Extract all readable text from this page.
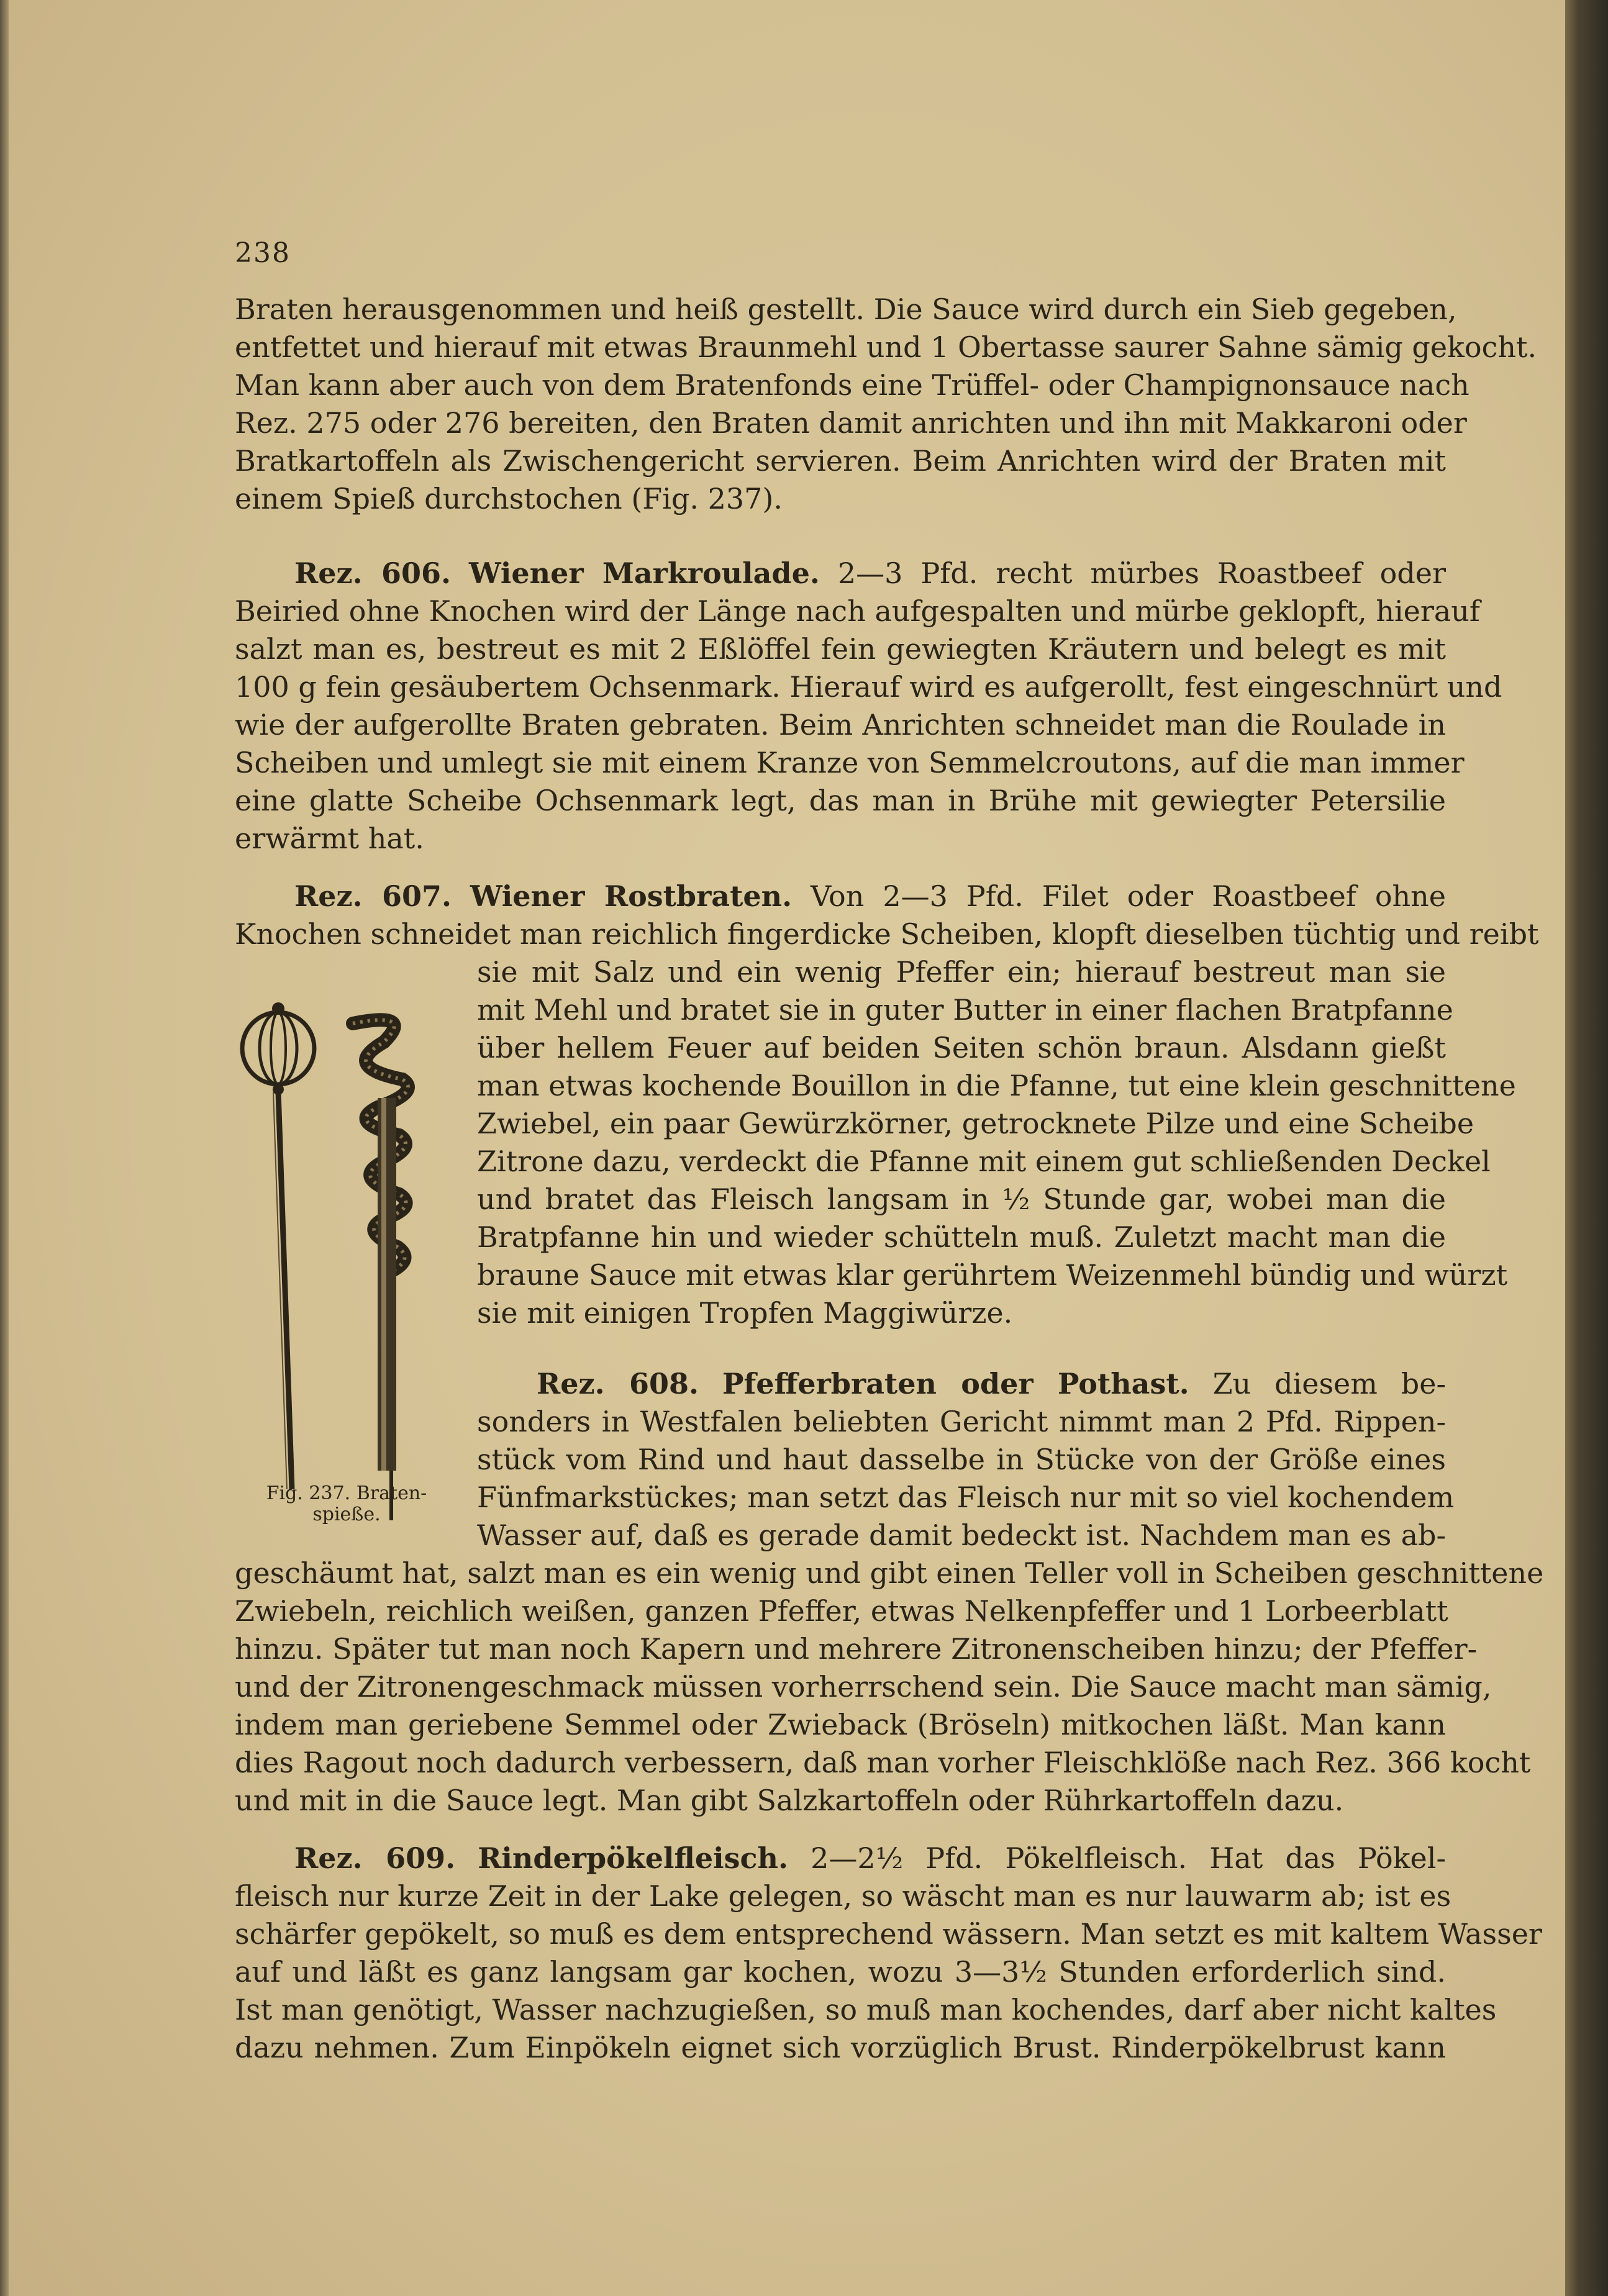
238
Braten herausgenommen und heiß gestellt. Die Sauce wird durch ein Sieb gegeben,
entfettet und hierauf mit etwas Braunmehl und 1 Obertasse saurer Sahne sämig gekocht.
Man kann aber auch von dem Bratenfonds eine Trüffel- oder Champignonsauce nach
Rez. 275 oder 276 bereiten, den Braten damit anrichten und ihn mit Makkaroni oder
Bratkartoffeln als Zwischengericht servieren. Beim Anrichten wird der Braten mit
einem Spieß durchstochen (Fig. 237).
Rez. 606. Wiener Markroulade. 2—3 Pfd. recht mürbes Roastbeef oder
Beiried ohne Knochen wird der Länge nach aufgespalten und mürbe geklopft, hierauf
salzt man es, bestreut es mit 2 Eßlöffel fein gewiegten Kräutern und belegt es mit
100 g fein gesäubertem Ochsenmark. Hierauf wird es aufgerollt, fest eingeschnürt und
wie der aufgerollte Braten gebraten. Beim Anrichten schneidet man die Roulade in
Scheiben und umlegt sie mit einem Kranze von Semmelcroutons, auf die man immer
eine glatte Scheibe Ochsenmark legt, das man in Brühe mit gewiegter Petersilie
erwärmt hat.
Rez. 607. Wiener Rostbraten. Von 2—3 Pfd. Filet oder Roastbeef ohne
Knochen schneidet man reichlich fingerdicke Scheiben, klopft dieselben tüchtig und reibt
sie mit Salz und ein wenig Pfeffer ein; hierauf bestreut man sie
mit Mehl und bratet sie in guter Butter in einer flachen Bratpfanne
über hellem Feuer auf beiden Seiten schön braun. Alsdann gießt
man etwas kochende Bouillon in die Pfanne, tut eine klein geschnittene
Zwiebel, ein paar Gewürzkörner, getrocknete Pilze und eine Scheibe
Zitrone dazu, verdeckt die Pfanne mit einem gut schließenden Deckel
und bratet das Fleisch langsam in ½ Stunde gar, wobei man die
Bratpfanne hin und wieder schütteln muß. Zuletzt macht man die
braune Sauce mit etwas klar gerührtem Weizenmehl bündig und würzt
sie mit einigen Tropfen Maggiwürze.
Rez. 608. Pfefferbraten oder Pothast. Zu diesem be-
sonders in Westfalen beliebten Gericht nimmt man 2 Pfd. Rippen-
stück vom Rind und haut dasselbe in Stücke von der Größe eines
Fünfmarkstückes; man setzt das Fleisch nur mit so viel kochendem
Wasser auf, daß es gerade damit bedeckt ist. Nachdem man es ab-
geschäumt hat, salzt man es ein wenig und gibt einen Teller voll in Scheiben geschnittene
Zwiebeln, reichlich weißen, ganzen Pfeffer, etwas Nelkenpfeffer und 1 Lorbeerblatt
hinzu. Später tut man noch Kapern und mehrere Zitronenscheiben hinzu; der Pfeffer-
und der Zitronengeschmack müssen vorherrschend sein. Die Sauce macht man sämig,
indem man geriebene Semmel oder Zwieback (Bröseln) mitkochen läßt. Man kann
dies Ragout noch dadurch verbessern, daß man vorher Fleischklöße nach Rez. 366 kocht
und mit in die Sauce legt. Man gibt Salzkartoffeln oder Rührkartoffeln dazu.
Rez. 609. Rinderpökelfleisch. 2—2½ Pfd. Pökelfleisch. Hat das Pökel-
fleisch nur kurze Zeit in der Lake gelegen, so wäscht man es nur lauwarm ab; ist es
schärfer gepökelt, so muß es dem entsprechend wässern. Man setzt es mit kaltem Wasser
auf und läßt es ganz langsam gar kochen, wozu 3—3½ Stunden erforderlich sind.
Ist man genötigt, Wasser nachzugießen, so muß man kochendes, darf aber nicht kaltes
dazu nehmen. Zum Einpökeln eignet sich vorzüglich Brust. Rinderpökelbrust kann
Fig. 237. Braten-
spieße.
